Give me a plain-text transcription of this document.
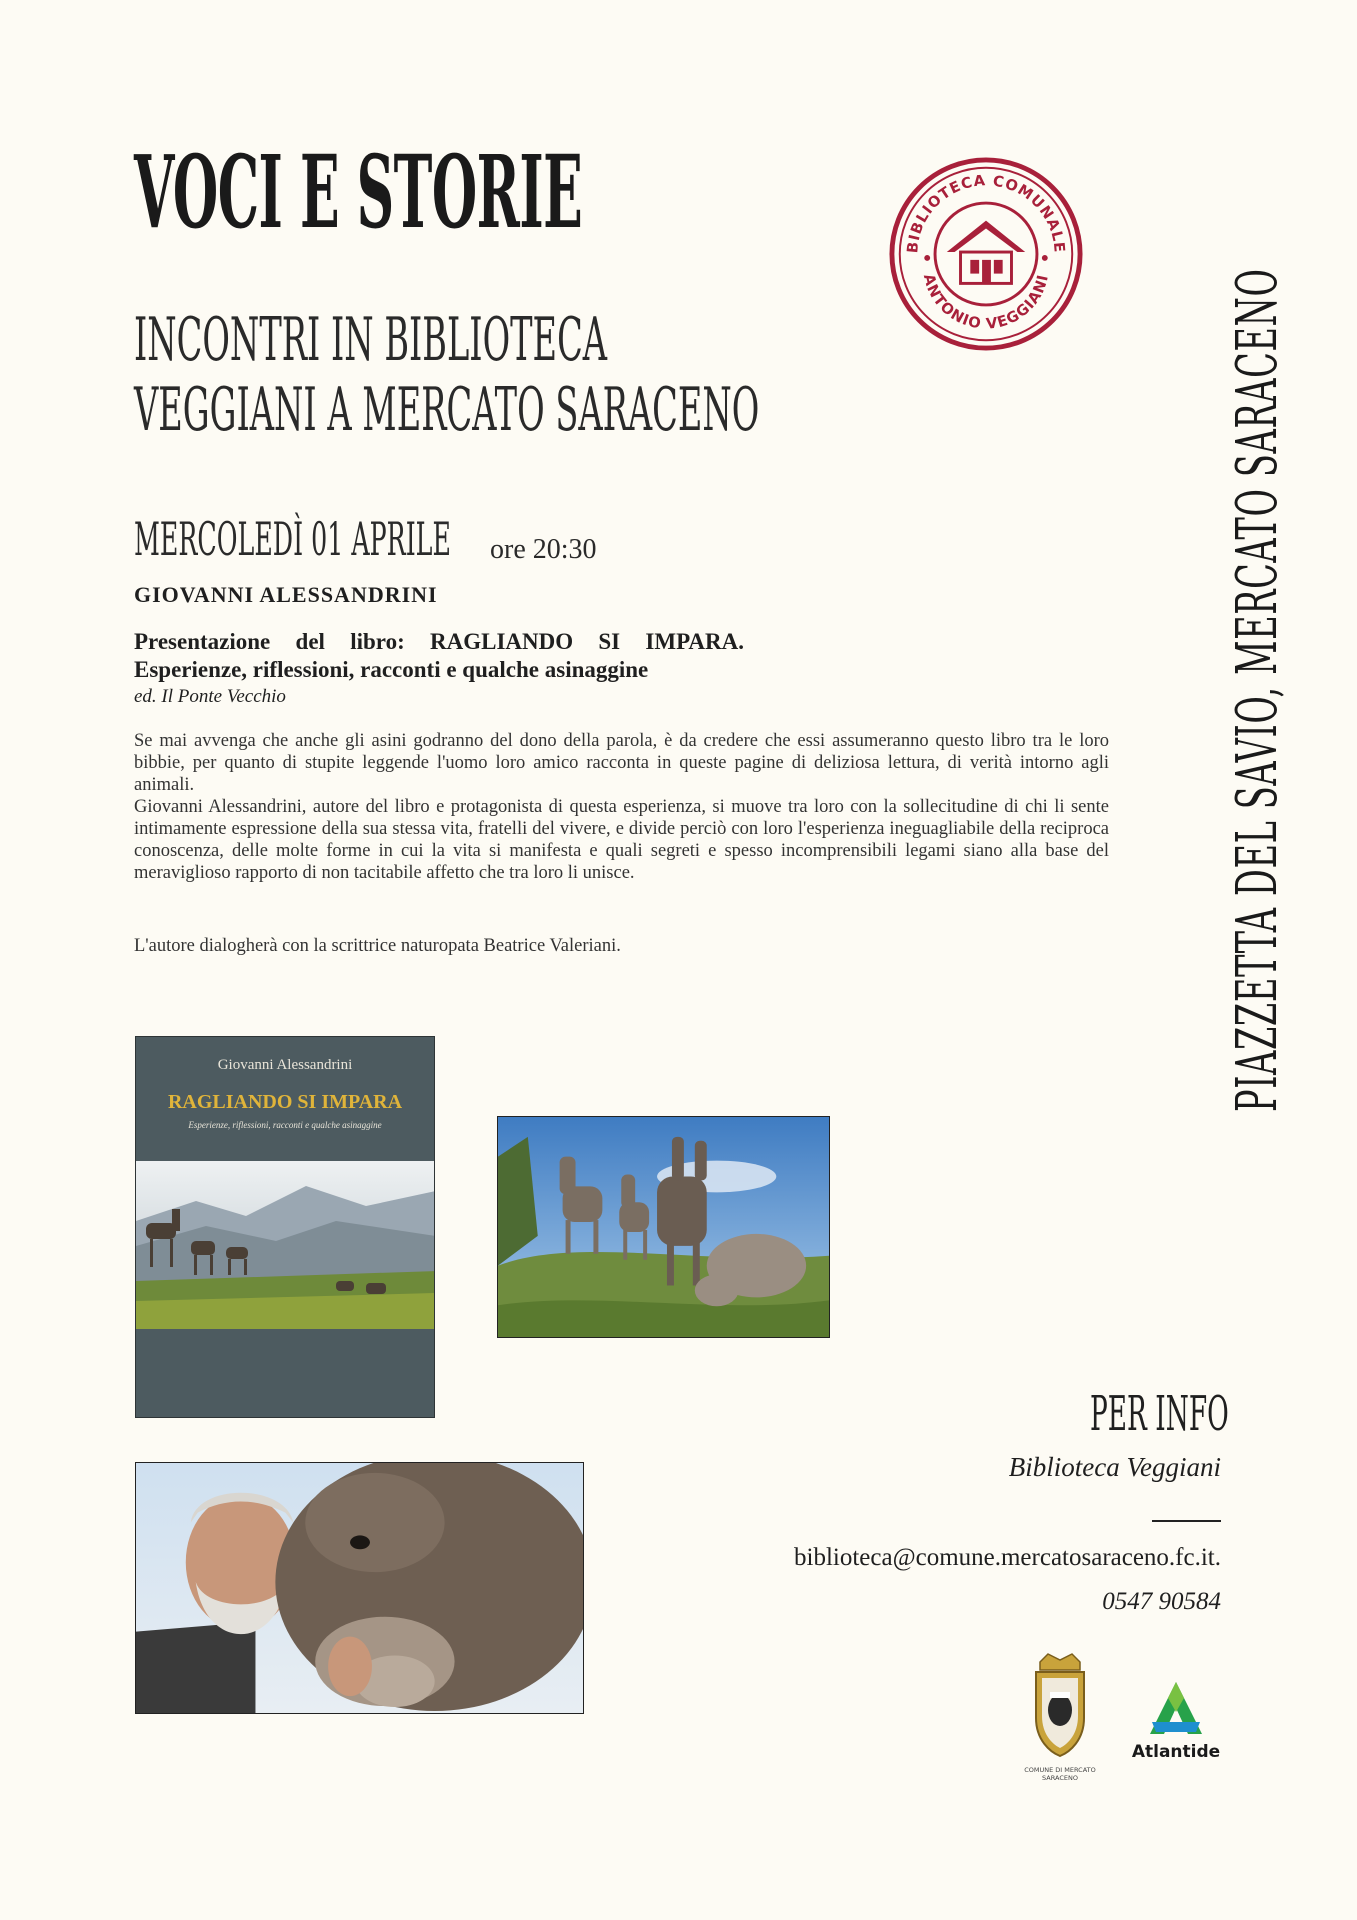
VOCI E STORIE
INCONTRI IN BIBLIOTECA
VEGGIANI A MERCATO SARACENO
MERCOLEDÌ 01 APRILE ore 20:30
GIOVANNI ALESSANDRINI
Presentazione del libro: RAGLIANDO SI IMPARA.
Esperienze, riflessioni, racconti e qualche asinaggine
ed. Il Ponte Vecchio

Se mai avvenga che anche gli asini godranno del dono della parola, è da credere che essi assumeranno questo libro tra le loro bibbie, per quanto di stupite leggende l'uomo loro amico racconta in queste pagine di deliziosa lettura, di verità intorno agli animali.

Giovanni Alessandrini, autore del libro e protagonista di questa esperienza, si muove tra loro con la sollecitudine di chi li sente intimamente espressione della sua stessa vita, fratelli del vivere, e divide perciò con loro l'esperienza ineguagliabile della reciproca conoscenza, delle molte forme in cui la vita si manifesta e quali segreti e spesso incomprensibili legami siano alla base del meraviglioso rapporto di non tacitabile affetto che tra loro li unisce.

L'autore dialogherà con la scrittrice naturopata Beatrice Valeriani.	PIAZZETTA DEL SAVIO, MERCATO SARACENO
BIBLIOTECA COMUNALE
ANTONIO VEGGIANI
Giovanni Alessandrini
RAGLIANDO SI IMPARA
Esperienze, riflessioni, racconti e qualche asinaggine
PER INFO
Biblioteca Veggiani
biblioteca@comune.mercatosaraceno.fc.it.
0547 90584
COMUNE DI MERCATO SARACENO
Atlantide
